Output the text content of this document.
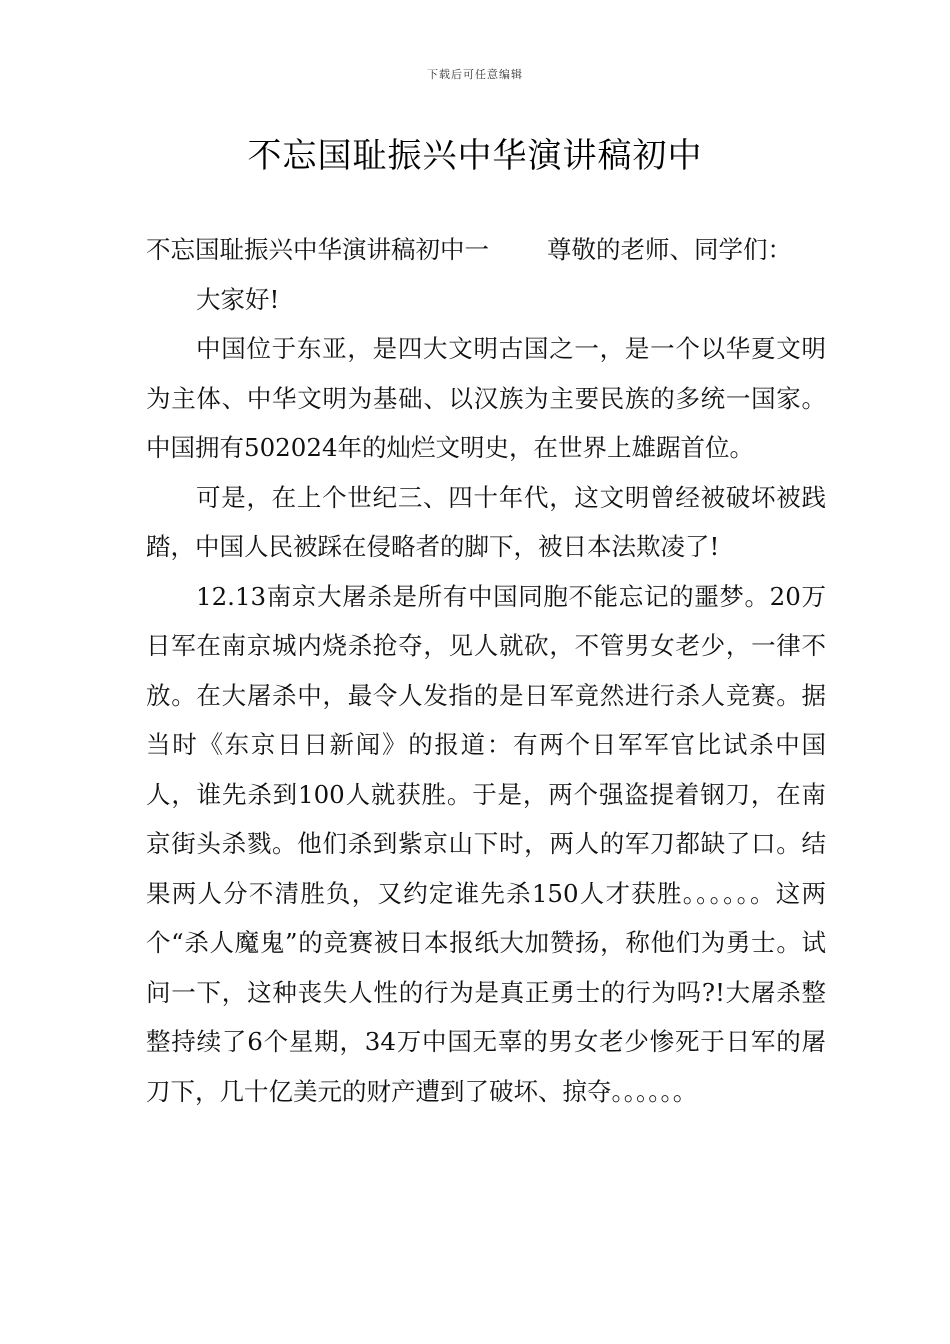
下载后可任意编辑
不忘国耻振兴中华演讲稿初中

不忘国耻振兴中华演讲稿初中一 尊敬的老师、同学们：

大家好!

中国位于东亚，是四大文明古国之一，是一个以华夏文明为主体、中华文明为基础、以汉族为主要民族的多统一国家。中国拥有502024年的灿烂文明史，在世界上雄踞首位。

可是，在上个世纪三、四十年代，这文明曾经被破坏被践踏，中国人民被踩在侵略者的脚下，被日本法欺凌了!

12.13南京大屠杀是所有中国同胞不能忘记的噩梦。20万日军在南京城内烧杀抢夺，见人就砍，不管男女老少，一律不放。在大屠杀中，最令人发指的是日军竟然进行杀人竞赛。据当时《东京日日新闻》的报道：有两个日军军官比试杀中国人，谁先杀到100人就获胜。于是，两个强盗提着钢刀，在南京街头杀戮。他们杀到紫京山下时，两人的军刀都缺了口。结果两人分不清胜负，又约定谁先杀150人才获胜。。。。。。这两个“杀人魔鬼”的竞赛被日本报纸大加赞扬，称他们为勇士。试问一下，这种丧失人性的行为是真正勇士的行为吗?!大屠杀整整持续了6个星期，34万中国无辜的男女老少惨死于日军的屠刀下，几十亿美元的财产遭到了破坏、掠夺。。。。。。
